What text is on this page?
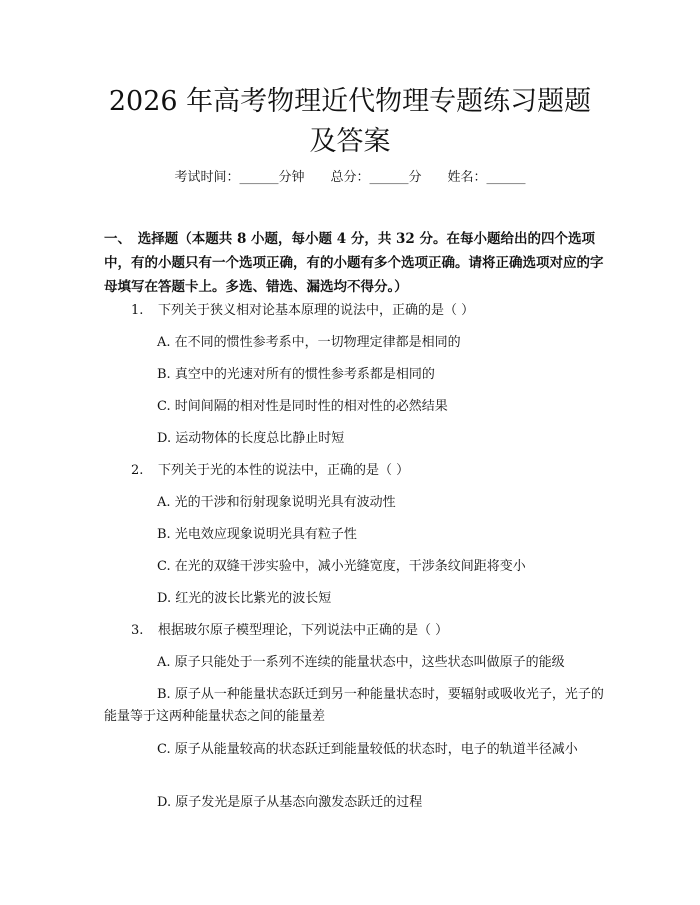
2026 年高考物理近代物理专题练习题题及答案
考试时间：______分钟 总分：______分 姓名：______

一、　选择题（本题共 8 小题，每小题 4 分，共 32 分。在每小题给出的四个选项中，有的小题只有一个选项正确，有的小题有多个选项正确。请将正确选项对应的字母填写在答题卡上。多选、错选、漏选均不得分。）

1. 下列关于狭义相对论基本原理的说法中，正确的是（ ）
A. 在不同的惯性参考系中，一切物理定律都是相同的
B. 真空中的光速对所有的惯性参考系都是相同的
C. 时间间隔的相对性是同时性的相对性的必然结果
D. 运动物体的长度总比静止时短
2. 下列关于光的本性的说法中，正确的是（ ）
A. 光的干涉和衍射现象说明光具有波动性
B. 光电效应现象说明光具有粒子性
C. 在光的双缝干涉实验中，减小光缝宽度，干涉条纹间距将变小
D. 红光的波长比紫光的波长短
3. 根据玻尔原子模型理论，下列说法中正确的是（ ）
A. 原子只能处于一系列不连续的能量状态中，这些状态叫做原子的能级
B. 原子从一种能量状态跃迁到另一种能量状态时，要辐射或吸收光子，光子的能量等于这两种能量状态之间的能量差
C. 原子从能量较高的状态跃迁到能量较低的状态时，电子的轨道半径减小
D. 原子发光是原子从基态向激发态跃迁的过程
